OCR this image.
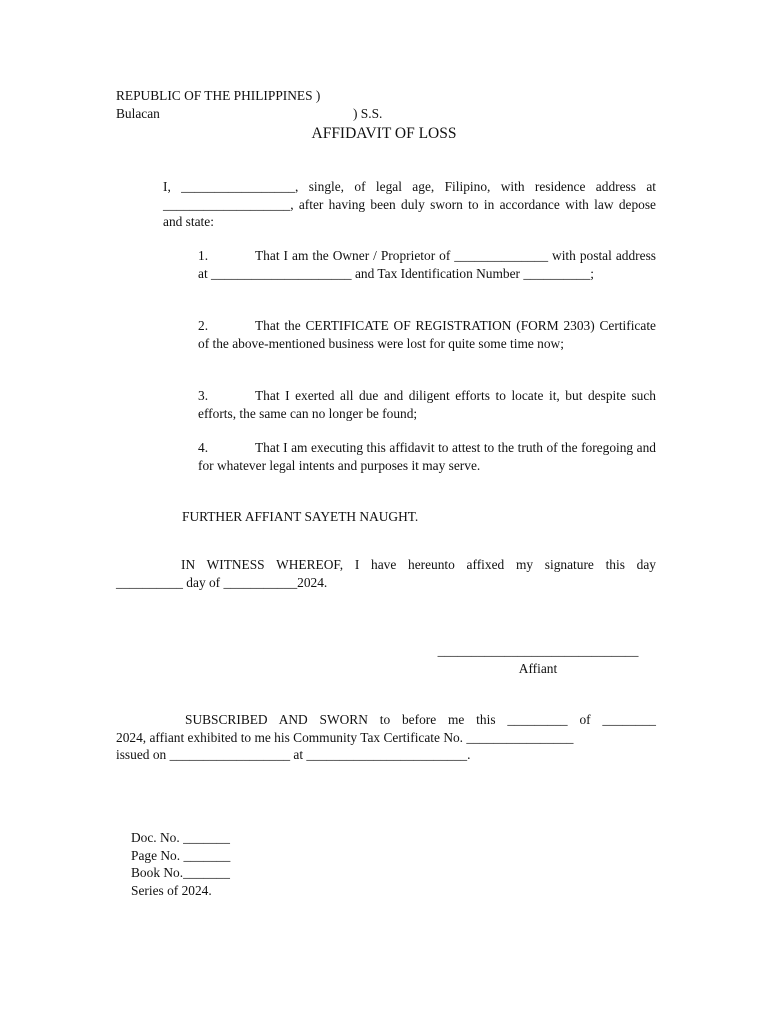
REPUBLIC OF THE PHILIPPINES )
Bulacan	) S.S.
AFFIDAVIT OF LOSS

I, _________________, single, of legal age, Filipino, with residence address at ___________________, after having been duly sworn to in accordance with law depose and state:

1.	That I am the Owner / Proprietor of ______________ with postal address at _____________________ and Tax Identification Number __________;
2.	That the CERTIFICATE OF REGISTRATION (FORM 2303) Certificate of the above-mentioned business were lost for quite some time now;
3.	That I exerted all due and diligent efforts to locate it, but despite such efforts, the same can no longer be found;
4.	That I am executing this affidavit to attest to the truth of the foregoing and for whatever legal intents and purposes it may serve.
FURTHER AFFIANT SAYETH NAUGHT.
IN WITNESS WHEREOF, I have hereunto affixed my signature this day
__________ day of ___________2024.
______________________________
Affiant
SUBSCRIBED AND SWORN to before me this _________ of ________
2024, affiant exhibited to me his Community Tax Certificate No. ________________
issued on __________________ at ________________________.
Doc. No. _______
Page No. _______
Book No._______
Series of 2024.
